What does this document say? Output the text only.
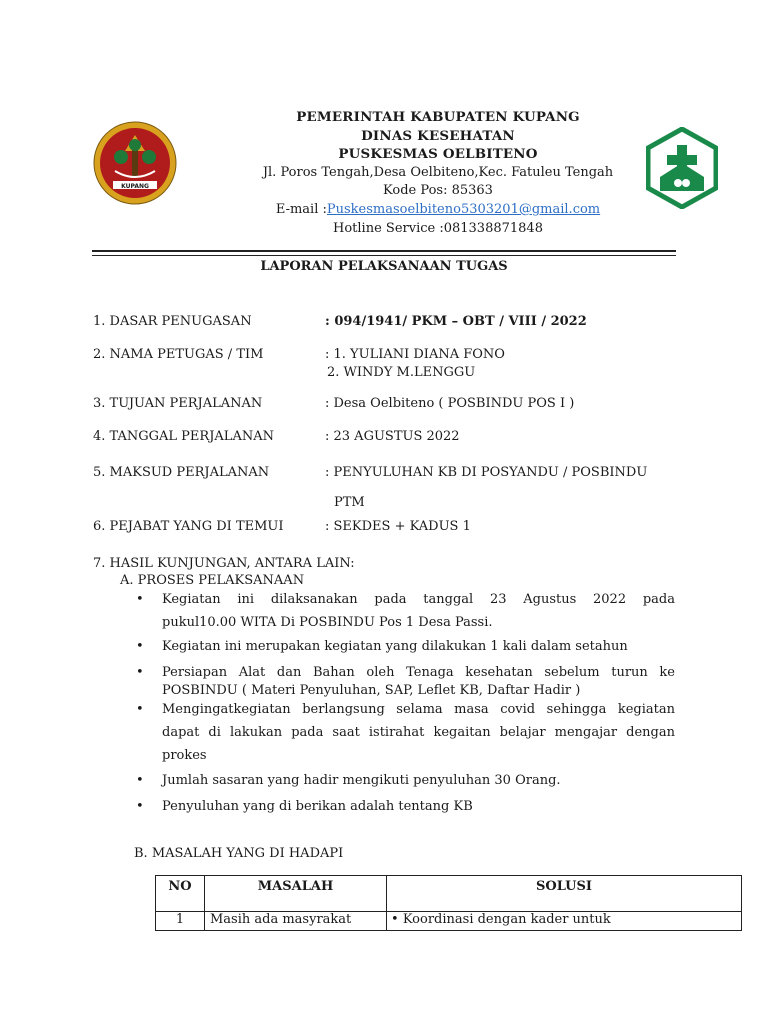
KUPANG
PEMERINTAH KABUPATEN KUPANG
DINAS KESEHATAN
PUSKESMAS OELBITENO
Jl. Poros Tengah,Desa Oelbiteno,Kec. Fatuleu Tengah
Kode Pos: 85363
E-mail :Puskesmasoelbiteno5303201@gmail.com
Hotline Service :081338871848
LAPORAN PELAKSANAAN TUGAS
1. DASAR PENUGASAN	: 094/1941/ PKM – OBT / VIII / 2022
2. NAMA PETUGAS / TIM	: 1. YULIANI DIANA FONO
2. WINDY M.LENGGU
3. TUJUAN PERJALANAN	: Desa Oelbiteno ( POSBINDU POS I )
4. TANGGAL PERJALANAN	: 23 AGUSTUS 2022
5. MAKSUD PERJALANAN	: PENYULUHAN KB DI POSYANDU / POSBINDU
PTM
6. PEJABAT YANG DI TEMUI	: SEKDES + KADUS 1
7. HASIL KUNJUNGAN, ANTARA LAIN:
A. PROSES PELAKSANAAN
• Kegiatan ini dilaksanakan pada tanggal 23 Agustus 2022 pada
pukul10.00 WITA Di POSBINDU Pos 1 Desa Passi.
• Kegiatan ini merupakan kegiatan yang dilakukan 1 kali dalam setahun
• Persiapan Alat dan Bahan oleh Tenaga kesehatan sebelum turun ke
POSBINDU ( Materi Penyuluhan, SAP, Leflet KB, Daftar Hadir )
• Mengingatkegiatan berlangsung selama masa covid sehingga kegiatan
dapat di lakukan pada saat istirahat kegaitan belajar mengajar dengan
prokes
• Jumlah sasaran yang hadir mengikuti penyuluhan 30 Orang.
• Penyuluhan yang di berikan adalah tentang KB
B. MASALAH YANG DI HADAPI
NO	MASALAH	SOLUSI
1	Masih ada masyrakat	• Koordinasi dengan kader untuk
